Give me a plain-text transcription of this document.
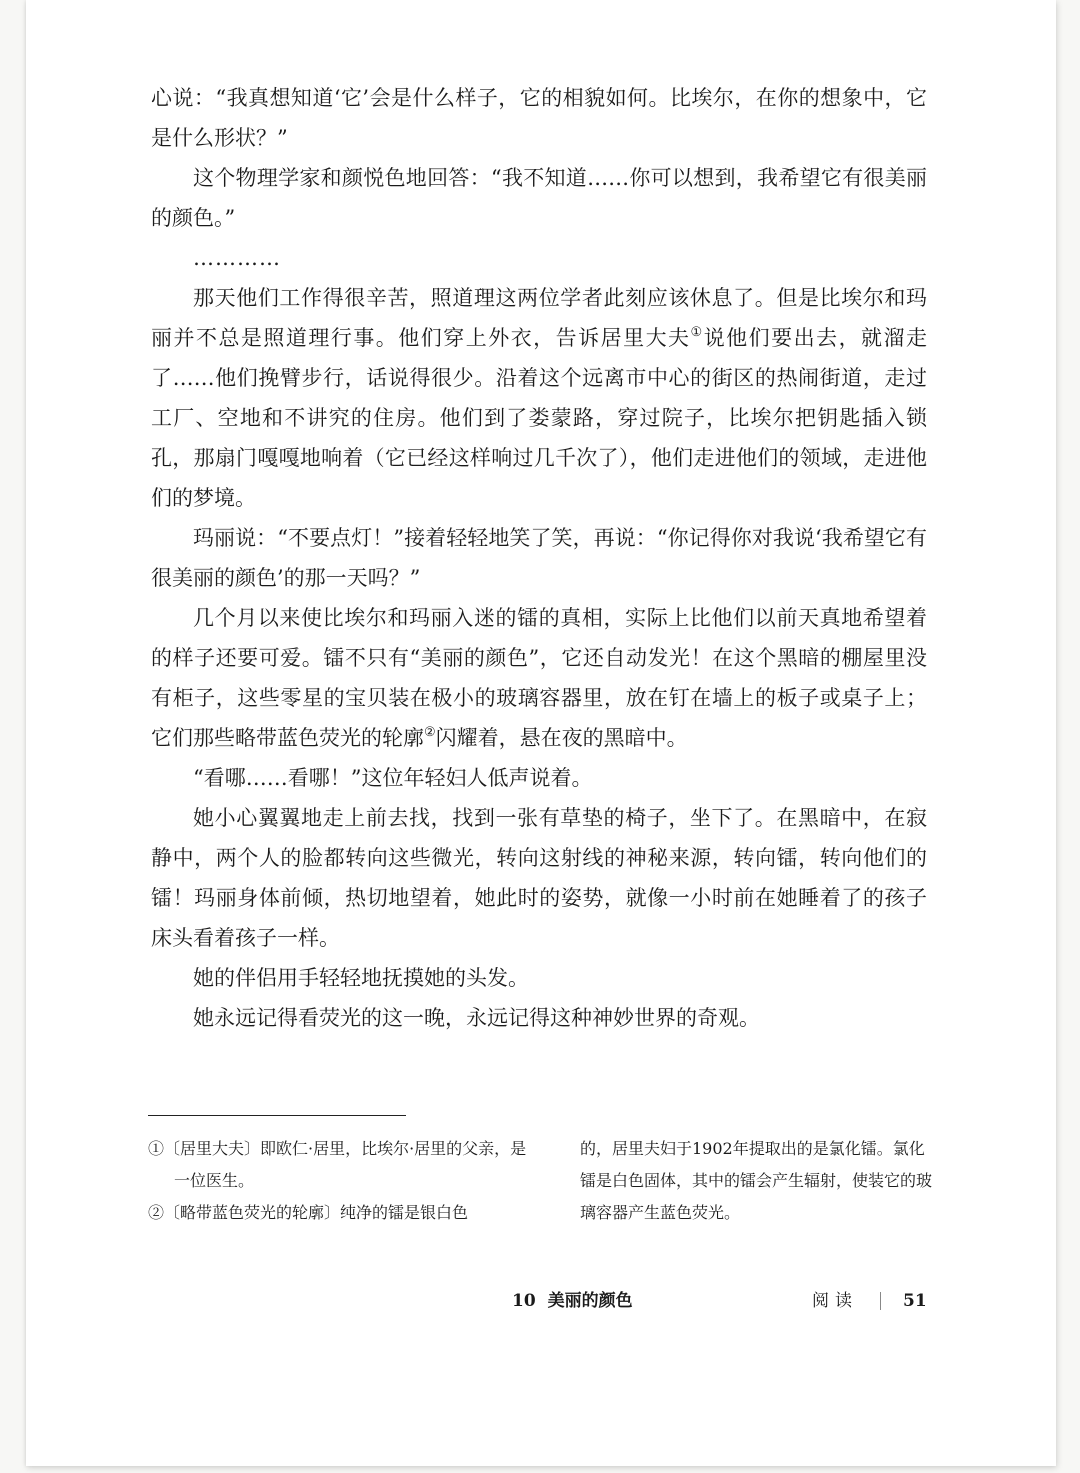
心说：“我真想知道‘它’会是什么样子，它的相貌如何。比埃尔，在你的想象中，它是什么形状？”

这个物理学家和颜悦色地回答：“我不知道……你可以想到，我希望它有很美丽的颜色。”

…………

那天他们工作得很辛苦，照道理这两位学者此刻应该休息了。但是比埃尔和玛丽并不总是照道理行事。他们穿上外衣，告诉居里大夫①说他们要出去，就溜走了……他们挽臂步行，话说得很少。沿着这个远离市中心的街区的热闹街道，走过工厂、空地和不讲究的住房。他们到了娄蒙路，穿过院子，比埃尔把钥匙插入锁孔，那扇门嘎嘎地响着（它已经这样响过几千次了），他们走进他们的领域，走进他们的梦境。

玛丽说：“不要点灯！”接着轻轻地笑了笑，再说：“你记得你对我说‘我希望它有很美丽的颜色’的那一天吗？”

几个月以来使比埃尔和玛丽入迷的镭的真相，实际上比他们以前天真地希望着的样子还要可爱。镭不只有“美丽的颜色”，它还自动发光！在这个黑暗的棚屋里没有柜子，这些零星的宝贝装在极小的玻璃容器里，放在钉在墙上的板子或桌子上；它们那些略带蓝色荧光的轮廓②闪耀着，悬在夜的黑暗中。

“看哪……看哪！”这位年轻妇人低声说着。

她小心翼翼地走上前去找，找到一张有草垫的椅子，坐下了。在黑暗中，在寂静中，两个人的脸都转向这些微光，转向这射线的神秘来源，转向镭，转向他们的镭！玛丽身体前倾，热切地望着，她此时的姿势，就像一小时前在她睡着了的孩子床头看着孩子一样。

她的伴侣用手轻轻地抚摸她的头发。

她永远记得看荧光的这一晚，永远记得这种神妙世界的奇观。

①〔居里大夫〕即欧仁·居里，比埃尔·居里的父亲，是一位医生。

②〔略带蓝色荧光的轮廓〕纯净的镭是银白色

的，居里夫妇于1902年提取出的是氯化镭。氯化镭是白色固体，其中的镭会产生辐射，使装它的玻璃容器产生蓝色荧光。

10 美丽的颜色	阅读	51
